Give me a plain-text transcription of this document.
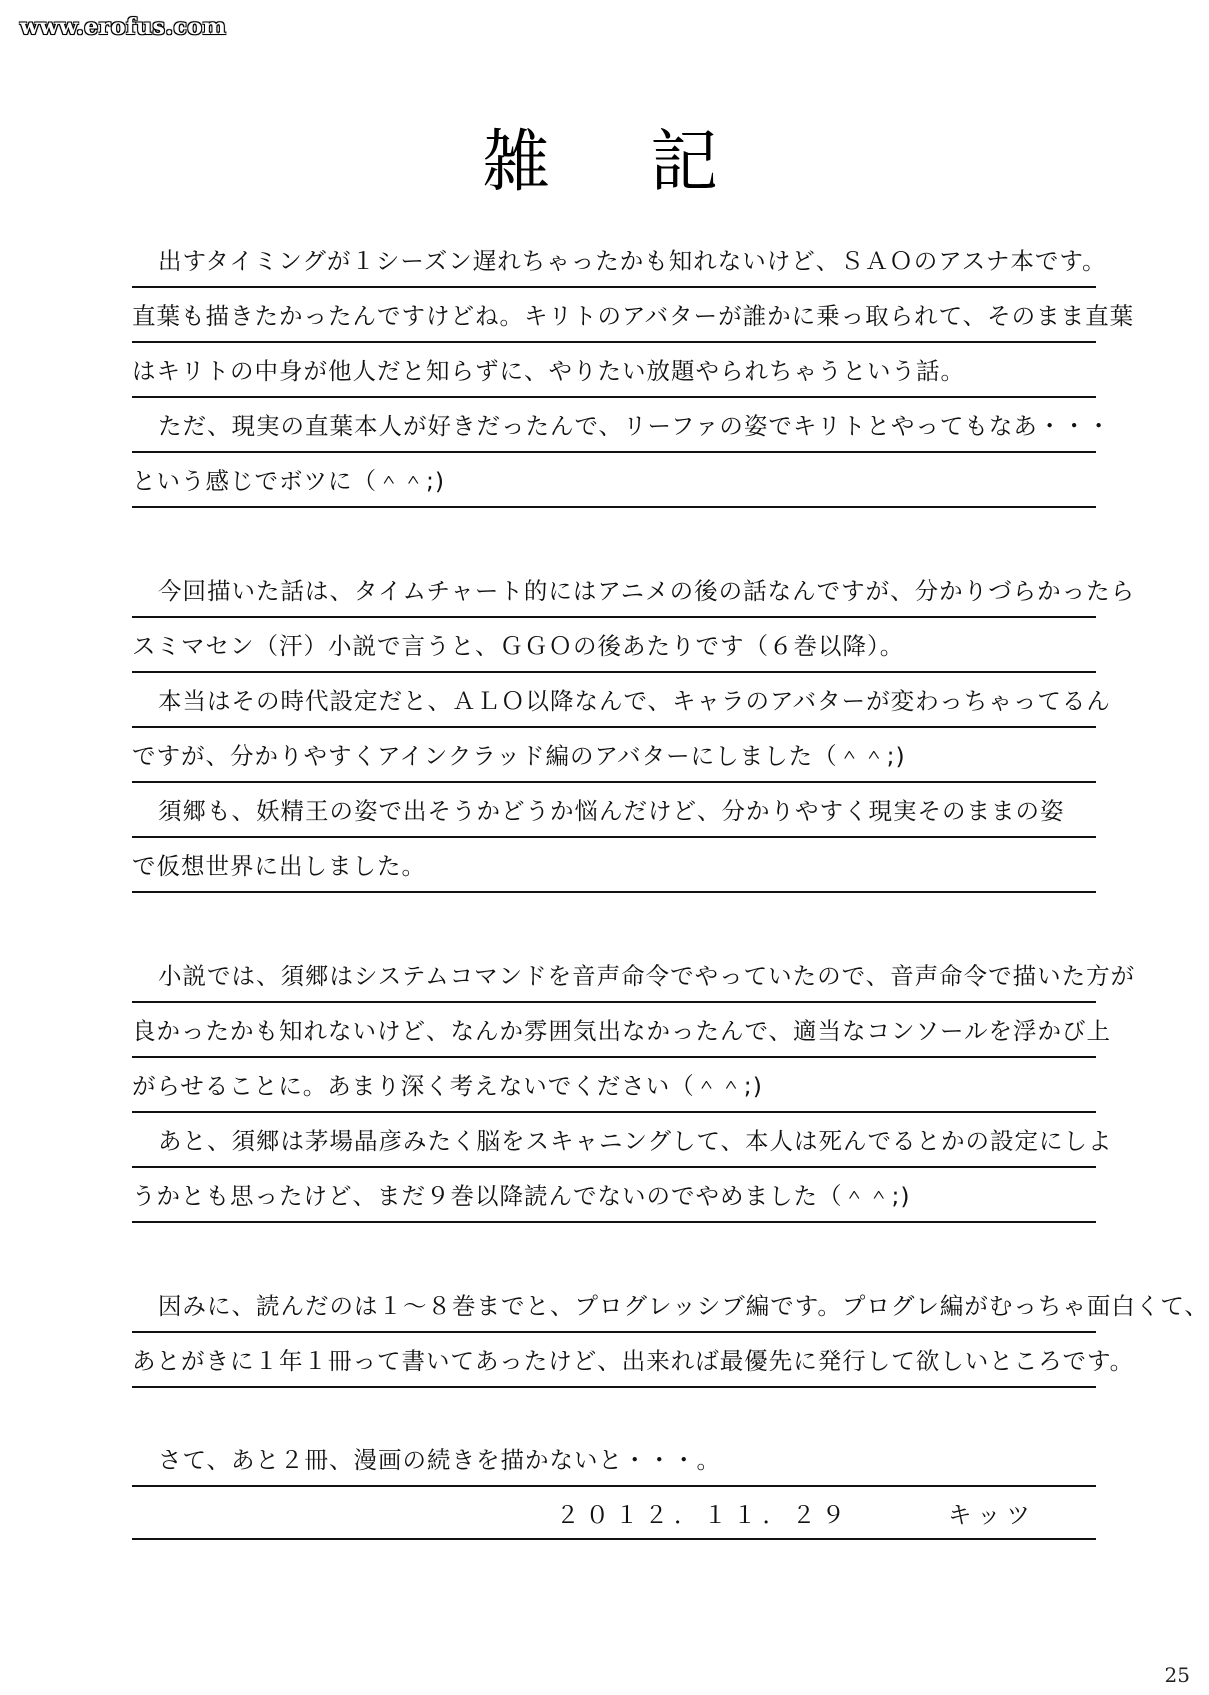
www.erofus.com
雑記
出すタイミングが１シーズン遅れちゃったかも知れないけど、ＳＡＯのアスナ本です。
直葉も描きたかったんですけどね。キリトのアバターが誰かに乗っ取られて、そのまま直葉
はキリトの中身が他人だと知らずに、やりたい放題やられちゃうという話。
ただ、現実の直葉本人が好きだったんで、リーファの姿でキリトとやってもなあ・・・
という感じでボツに（＾＾;)
今回描いた話は、タイムチャート的にはアニメの後の話なんですが、分かりづらかったら
スミマセン（汗）小説で言うと、ＧＧＯの後あたりです（６巻以降）。
本当はその時代設定だと、ＡＬＯ以降なんで、キャラのアバターが変わっちゃってるん
ですが、分かりやすくアインクラッド編のアバターにしました（＾＾;)
須郷も、妖精王の姿で出そうかどうか悩んだけど、分かりやすく現実そのままの姿
で仮想世界に出しました。
小説では、須郷はシステムコマンドを音声命令でやっていたので、音声命令で描いた方が
良かったかも知れないけど、なんか雰囲気出なかったんで、適当なコンソールを浮かび上
がらせることに。あまり深く考えないでください（＾＾;)
あと、須郷は茅場晶彦みたく脳をスキャニングして、本人は死んでるとかの設定にしよ
うかとも思ったけど、まだ９巻以降読んでないのでやめました（＾＾;)
因みに、読んだのは１～８巻までと、プログレッシブ編です。プログレ編がむっちゃ面白くて、
あとがきに１年１冊って書いてあったけど、出来れば最優先に発行して欲しいところです。
さて、あと２冊、漫画の続きを描かないと・・・。
２０１２．１１．２９	キッツ
25
